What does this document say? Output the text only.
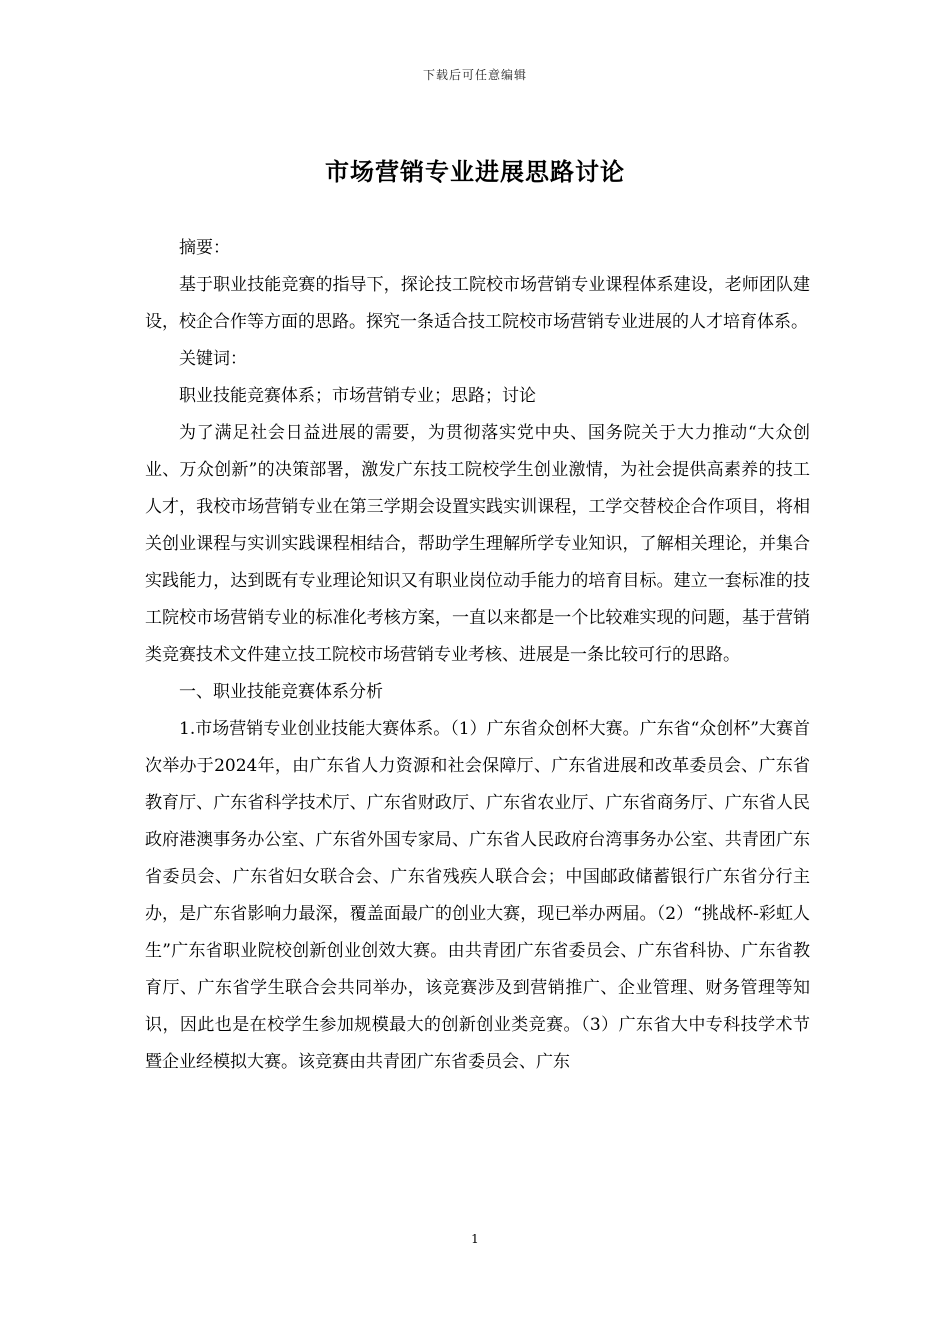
下载后可任意编辑
市场营销专业进展思路讨论

摘要：

基于职业技能竞赛的指导下，探论技工院校市场营销专业课程体系建设，老师团队建设，校企合作等方面的思路。探究一条适合技工院校市场营销专业进展的人才培育体系。

关键词：

职业技能竞赛体系；市场营销专业；思路；讨论

为了满足社会日益进展的需要，为贯彻落实党中央、国务院关于大力推动“大众创业、万众创新”的决策部署，激发广东技工院校学生创业激情，为社会提供高素养的技工人才，我校市场营销专业在第三学期会设置实践实训课程，工学交替校企合作项目，将相关创业课程与实训实践课程相结合，帮助学生理解所学专业知识，了解相关理论，并集合实践能力，达到既有专业理论知识又有职业岗位动手能力的培育目标。建立一套标准的技工院校市场营销专业的标准化考核方案，一直以来都是一个比较难实现的问题，基于营销类竞赛技术文件建立技工院校市场营销专业考核、进展是一条比较可行的思路。

一、职业技能竞赛体系分析

1.市场营销专业创业技能大赛体系。（1）广东省众创杯大赛。广东省“众创杯”大赛首次举办于2024年，由广东省人力资源和社会保障厅、广东省进展和改革委员会、广东省教育厅、广东省科学技术厅、广东省财政厅、广东省农业厅、广东省商务厅、广东省人民政府港澳事务办公室、广东省外国专家局、广东省人民政府台湾事务办公室、共青团广东省委员会、广东省妇女联合会、广东省残疾人联合会；中国邮政储蓄银行广东省分行主办，是广东省影响力最深，覆盖面最广的创业大赛，现已举办两届。（2）“挑战杯-彩虹人生”广东省职业院校创新创业创效大赛。由共青团广东省委员会、广东省科协、广东省教育厅、广东省学生联合会共同举办，该竞赛涉及到营销推广、企业管理、财务管理等知识，因此也是在校学生参加规模最大的创新创业类竞赛。（3）广东省大中专科技学术节暨企业经模拟大赛。该竞赛由共青团广东省委员会、广东

1
